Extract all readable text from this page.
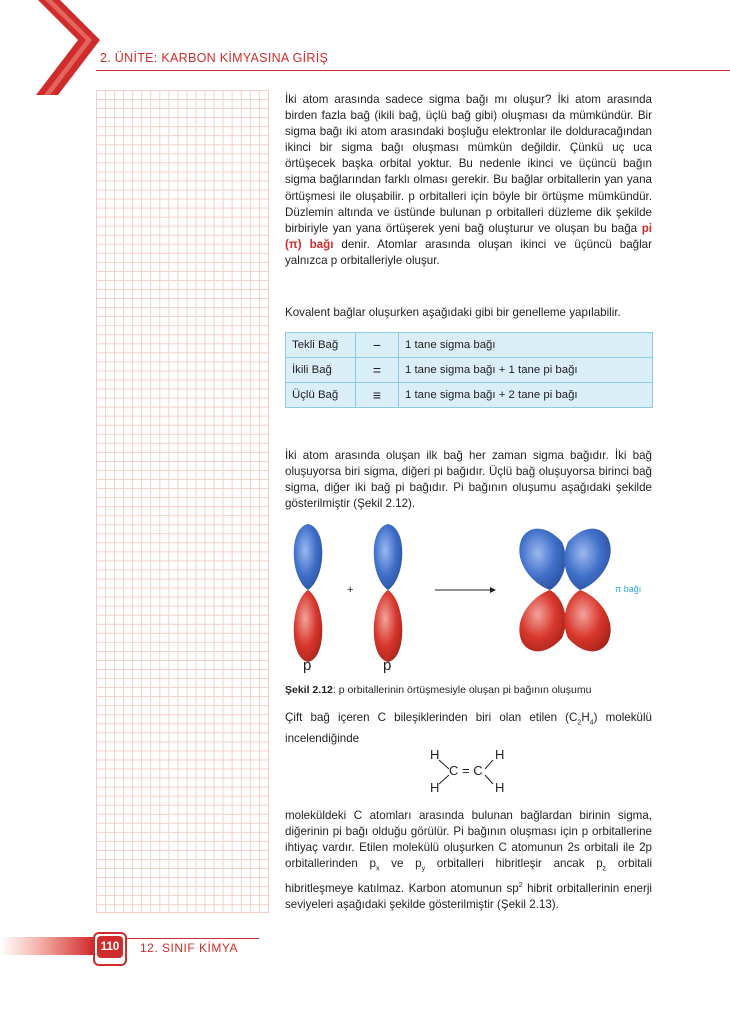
2. ÜNİTE: KARBON KİMYASINA GİRİŞ
İki atom arasında sadece sigma bağı mı oluşur? İki atom arasında birden fazla bağ (ikili bağ, üçlü bağ gibi) oluşması da mümkündür. Bir sigma bağı iki atom arasındaki boşluğu elektronlar ile dolduracağından ikinci bir sigma bağı oluşması mümkün değildir. Çünkü uç uca örtüşecek başka orbital yoktur. Bu nedenle ikinci ve üçüncü bağın sigma bağlarından farklı olması gerekir. Bu bağlar orbitallerin yan yana örtüşmesi ile oluşabilir. p orbitalleri için böyle bir örtüşme mümkündür. Düzlemin altında ve üstünde bulunan p orbitalleri düzleme dik şekilde birbiriyle yan yana örtüşerek yeni bağ oluşturur ve oluşan bu bağa pi (π) bağı denir. Atomlar arasında oluşan ikinci ve üçüncü bağlar yalnızca p orbitalleriyle oluşur.
Kovalent bağlar oluşurken aşağıdaki gibi bir genelleme yapılabilir.
Tekli Bağ	−	1 tane sigma bağı
İkili Bağ	=	1 tane sigma bağı + 1 tane pi bağı
Üçlü Bağ	≡	1 tane sigma bağı + 2 tane pi bağı
İki atom arasında oluşan ilk bağ her zaman sigma bağıdır. İki bağ oluşuyorsa biri sigma, diğeri pi bağıdır. Üçlü bağ oluşuyorsa birinci bağ sigma, diğer iki bağ pi bağıdır. Pi bağının oluşumu aşağıdaki şekilde gösterilmiştir (Şekil 2.12).
+	π bağı
p	p
Şekil 2.12: p orbitallerinin örtüşmesiyle oluşan pi bağının oluşumu
Çift bağ içeren C bileşiklerinden biri olan etilen $(C_2H_4)$ molekülü incelendiğinde
H	H
C = C
H	H
moleküldeki C atomları arasında bulunan bağlardan birinin sigma, diğerinin pi bağı olduğu görülür. Pi bağının oluşması için p orbitallerine ihtiyaç vardır. Etilen molekülü oluşurken C atomunun 2s orbitali ile 2p orbitallerinden $p_x$ ve $p_y$ orbitalleri hibritleşir ancak $p_z$ orbitali hibritleşmeye katılmaz. Karbon atomunun $sp^2$ hibrit orbitallerinin enerji seviyeleri aşağıdaki şekilde gösterilmiştir (Şekil 2.13).
110	12. SINIF KİMYA
